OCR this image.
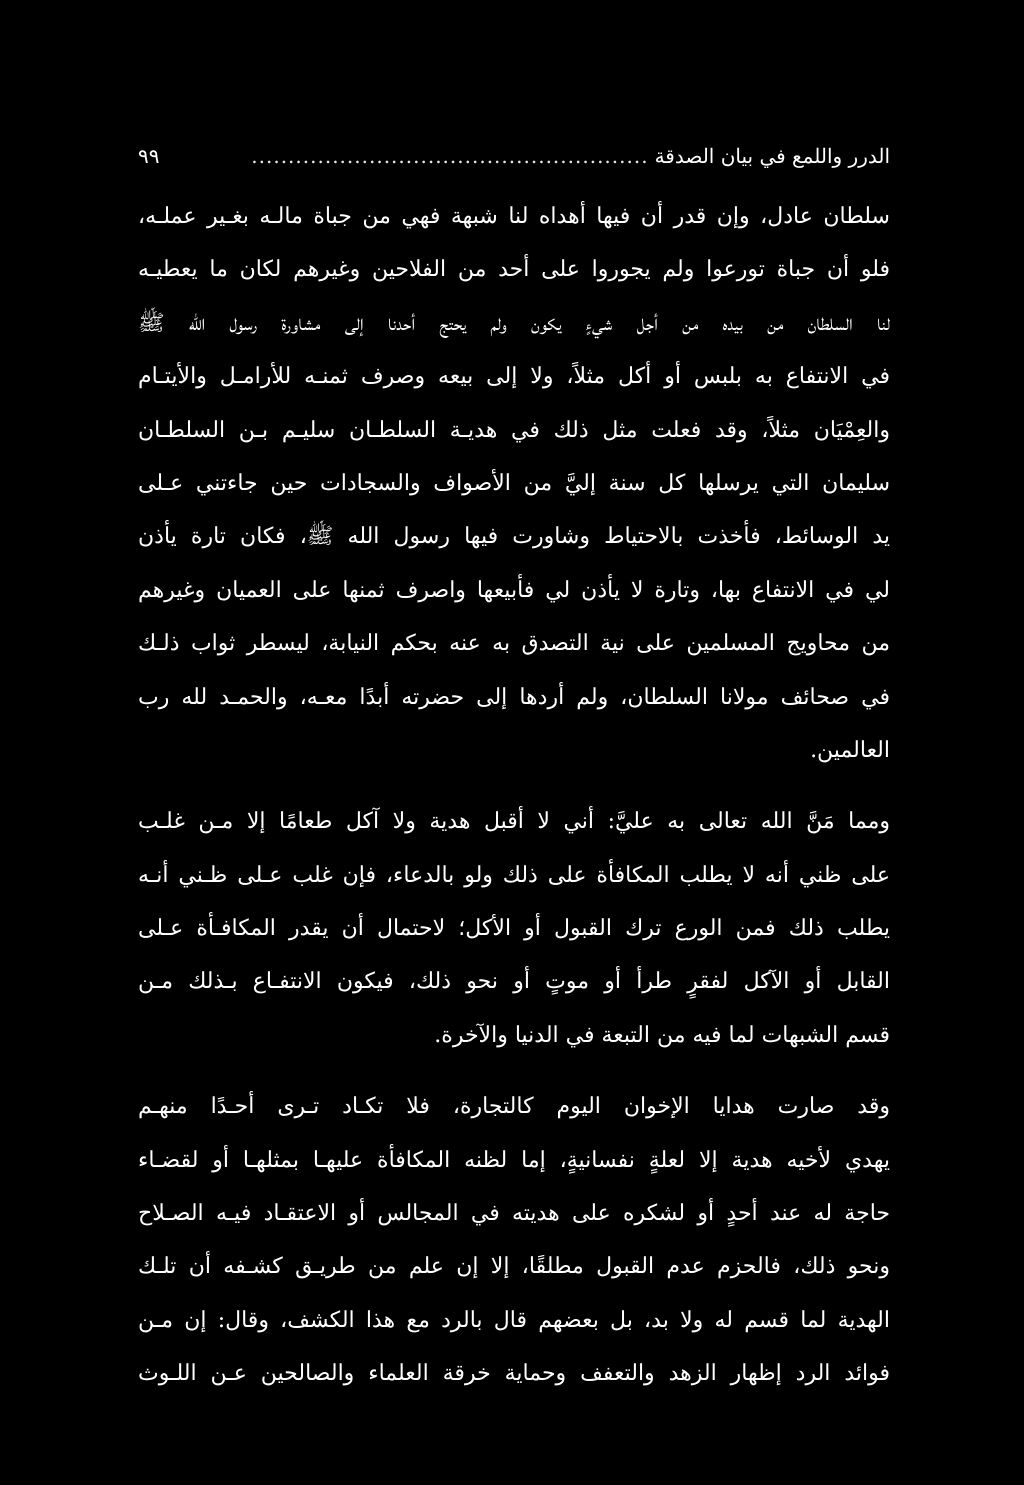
الدرر واللمع في بيان الصدقة
......................................................
٩٩
سلطان عادل، وإن قدر أن فيها أهداه لنا شبهة فهي من جباة مالـه بغـير عملـه،
فلو أن جباة تورعوا ولم يجوروا على أحد من الفلاحين وغيرهم لكان ما يعطيـه
لنا السلطان من بيده من أجل شيءٍ يكون ولم يحتج أحدنا إلى مشاورة رسول الله ﷺ
في الانتفاع به بلبس أو أكل مثلاً، ولا إلى بيعه وصرف ثمنـه للأرامـل والأيتـام
والعِمْيَان مثلاً، وقد فعلت مثل ذلك في هديـة السلطـان سليـم بـن السلطـان
سليمان التي يرسلها كل سنة إليَّ من الأصواف والسجادات حين جاءتني عـلى
يد الوسائط، فأخذت بالاحتياط وشاورت فيها رسول الله ﷺ، فكان تارة يأذن
لي في الانتفاع بها، وتارة لا يأذن لي فأبيعها واصرف ثمنها على العميان وغيرهم
من محاويج المسلمين على نية التصدق به عنه بحكم النيابة، ليسطر ثواب ذلـك
في صحائف مولانا السلطان، ولم أردها إلى حضرته أبدًا معـه، والحمـد لله رب
العالمين.
ومما مَنَّ الله تعالى به عليَّ: أني لا أقبل هدية ولا آكل طعامًا إلا مـن غلـب
على ظني أنه لا يطلب المكافأة على ذلك ولو بالدعاء، فإن غلب عـلى ظـني أنـه
يطلب ذلك فمن الورع ترك القبول أو الأكل؛ لاحتمال أن يقدر المكافـأة عـلى
القابل أو الآكل لفقرٍ طرأ أو موتٍ أو نحو ذلك، فيكون الانتفـاع بـذلك مـن
قسم الشبهات لما فيه من التبعة في الدنيا والآخرة.
وقد صارت هدايا الإخوان اليوم كالتجارة، فلا تكـاد تـرى أحـدًا منهـم
يهدي لأخيه هدية إلا لعلةٍ نفسانيةٍ، إما لظنه المكافأة عليهـا بمثلهـا أو لقضـاء
حاجة له عند أحدٍ أو لشكره على هديته في المجالس أو الاعتقـاد فيـه الصـلاح
ونحو ذلك، فالحزم عدم القبول مطلقًا، إلا إن علم من طريـق كشـفه أن تلـك
الهدية لما قسم له ولا بد، بل بعضهم قال بالرد مع هذا الكشف، وقال: إن مـن
فوائد الرد إظهار الزهد والتعفف وحماية خرقة العلماء والصالحين عـن اللـوث
